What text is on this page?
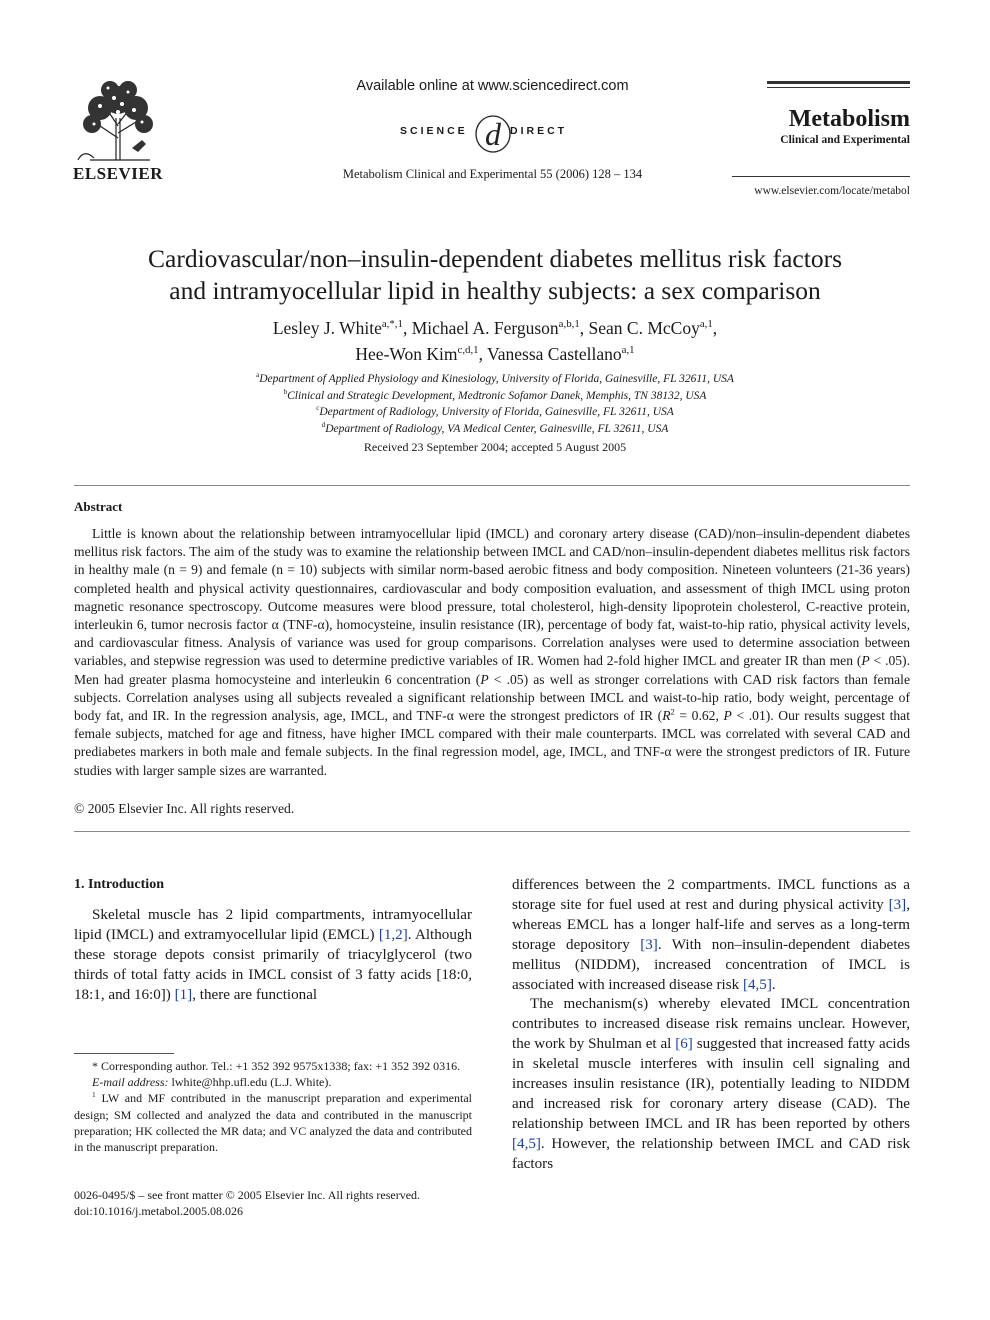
ELSEVIER
Available online at www.sciencedirect.com
SCIENCE d DIRECT
Metabolism Clinical and Experimental 55 (2006) 128 – 134
Metabolism
Clinical and Experimental
www.elsevier.com/locate/metabol
Cardiovascular/non–insulin-dependent diabetes mellitus risk factors
and intramyocellular lipid in healthy subjects: a sex comparison
Lesley J. White$^{a,*,1}$, Michael A. Ferguson$^{a,b,1}$, Sean C. McCoy$^{a,1}$,
Hee-Won Kim$^{c,d,1}$, Vanessa Castellano$^{a,1}$
$^a$Department of Applied Physiology and Kinesiology, University of Florida, Gainesville, FL 32611, USA
$^b$Clinical and Strategic Development, Medtronic Sofamor Danek, Memphis, TN 38132, USA
$^c$Department of Radiology, University of Florida, Gainesville, FL 32611, USA
$^d$Department of Radiology, VA Medical Center, Gainesville, FL 32611, USA
Received 23 September 2004; accepted 5 August 2005
Abstract

Little is known about the relationship between intramyocellular lipid (IMCL) and coronary artery disease (CAD)/non–insulin-dependent diabetes mellitus risk factors. The aim of the study was to examine the relationship between IMCL and CAD/non–insulin-dependent diabetes mellitus risk factors in healthy male (n = 9) and female (n = 10) subjects with similar norm-based aerobic fitness and body composition. Nineteen volunteers (21-36 years) completed health and physical activity questionnaires, cardiovascular and body composition evaluation, and assessment of thigh IMCL using proton magnetic resonance spectroscopy. Outcome measures were blood pressure, total cholesterol, high-density lipoprotein cholesterol, C-reactive protein, interleukin 6, tumor necrosis factor α (TNF-α), homocysteine, insulin resistance (IR), percentage of body fat, waist-to-hip ratio, physical activity levels, and cardiovascular fitness. Analysis of variance was used for group comparisons. Correlation analyses were used to determine association between variables, and stepwise regression was used to determine predictive variables of IR. Women had 2-fold higher IMCL and greater IR than men (P < .05). Men had greater plasma homocysteine and interleukin 6 concentration (P < .05) as well as stronger correlations with CAD risk factors than female subjects. Correlation analyses using all subjects revealed a significant relationship between IMCL and waist-to-hip ratio, body weight, percentage of body fat, and IR. In the regression analysis, age, IMCL, and TNF-α were the strongest predictors of IR ($R^2 = 0.62$, P < .01). Our results suggest that female subjects, matched for age and fitness, have higher IMCL compared with their male counterparts. IMCL was correlated with several CAD and prediabetes markers in both male and female subjects. In the final regression model, age, IMCL, and TNF-α were the strongest predictors of IR. Future studies with larger sample sizes are warranted.

© 2005 Elsevier Inc. All rights reserved.
1. Introduction

Skeletal muscle has 2 lipid compartments, intramyocellular lipid (IMCL) and extramyocellular lipid (EMCL) [1,2]. Although these storage depots consist primarily of triacylglycerol (two thirds of total fatty acids in IMCL consist of 3 fatty acids [18:0, 18:1, and 16:0]) [1], there are functional

differences between the 2 compartments. IMCL functions as a storage site for fuel used at rest and during physical activity [3], whereas EMCL has a longer half-life and serves as a long-term storage depository [3]. With non–insulin-dependent diabetes mellitus (NIDDM), increased concentration of IMCL is associated with increased disease risk [4,5].

The mechanism(s) whereby elevated IMCL concentration contributes to increased disease risk remains unclear. However, the work by Shulman et al [6] suggested that increased fatty acids in skeletal muscle interferes with insulin cell signaling and increases insulin resistance (IR), potentially leading to NIDDM and increased risk for coronary artery disease (CAD). The relationship between IMCL and IR has been reported by others [4,5]. However, the relationship between IMCL and CAD risk factors

* Corresponding author. Tel.: +1 352 392 9575x1338; fax: +1 352 392 0316.

E-mail address: lwhite@hhp.ufl.edu (L.J. White).

$^1$ LW and MF contributed in the manuscript preparation and experimental design; SM collected and analyzed the data and contributed in the manuscript preparation; HK collected the MR data; and VC analyzed the data and contributed in the manuscript preparation.

0026-0495/$ – see front matter © 2005 Elsevier Inc. All rights reserved.
doi:10.1016/j.metabol.2005.08.026
